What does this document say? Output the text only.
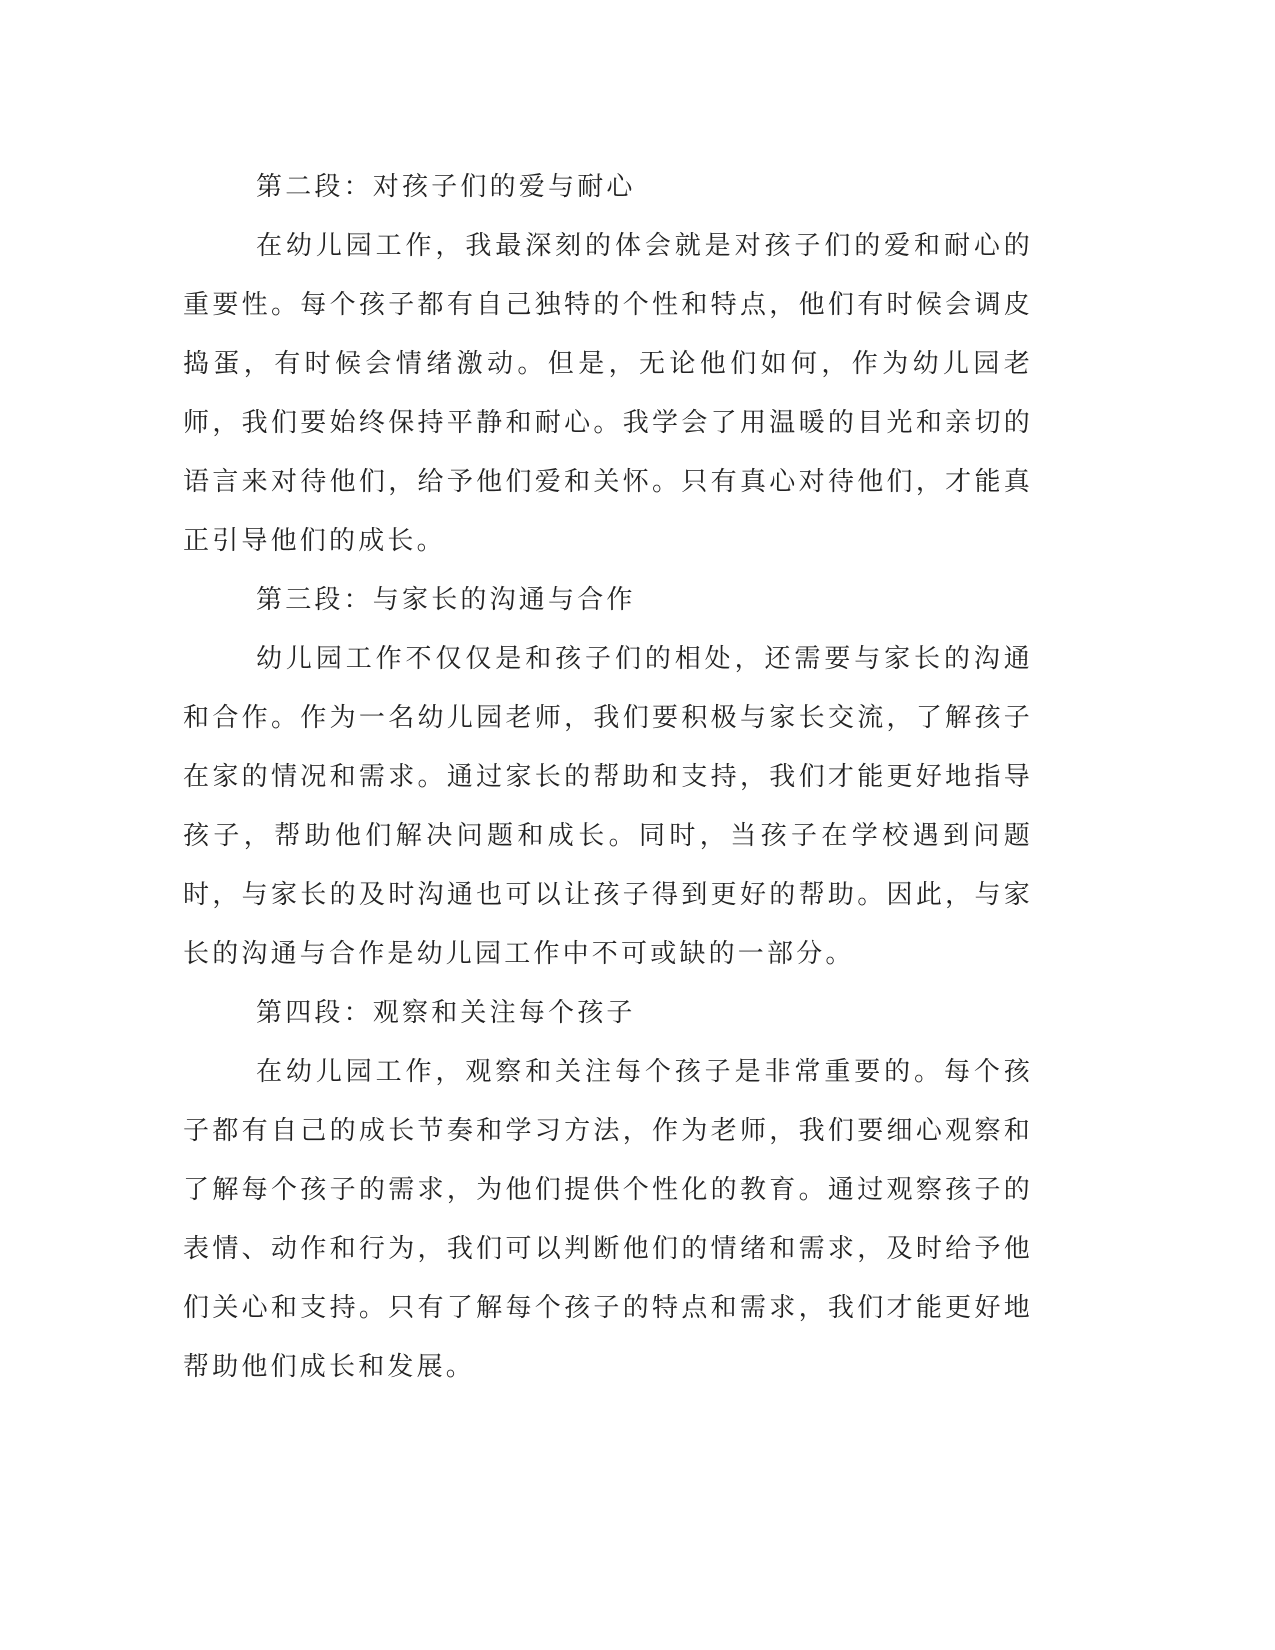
第二段：对孩子们的爱与耐心

在幼儿园工作，我最深刻的体会就是对孩子们的爱和耐心的重要性。每个孩子都有自己独特的个性和特点，他们有时候会调皮捣蛋，有时候会情绪激动。但是，无论他们如何，作为幼儿园老师，我们要始终保持平静和耐心。我学会了用温暖的目光和亲切的语言来对待他们，给予他们爱和关怀。只有真心对待他们，才能真正引导他们的成长。

第三段：与家长的沟通与合作

幼儿园工作不仅仅是和孩子们的相处，还需要与家长的沟通和合作。作为一名幼儿园老师，我们要积极与家长交流，了解孩子在家的情况和需求。通过家长的帮助和支持，我们才能更好地指导孩子，帮助他们解决问题和成长。同时，当孩子在学校遇到问题时，与家长的及时沟通也可以让孩子得到更好的帮助。因此，与家长的沟通与合作是幼儿园工作中不可或缺的一部分。

第四段：观察和关注每个孩子

在幼儿园工作，观察和关注每个孩子是非常重要的。每个孩子都有自己的成长节奏和学习方法，作为老师，我们要细心观察和了解每个孩子的需求，为他们提供个性化的教育。通过观察孩子的表情、动作和行为，我们可以判断他们的情绪和需求，及时给予他们关心和支持。只有了解每个孩子的特点和需求，我们才能更好地帮助他们成长和发展。
